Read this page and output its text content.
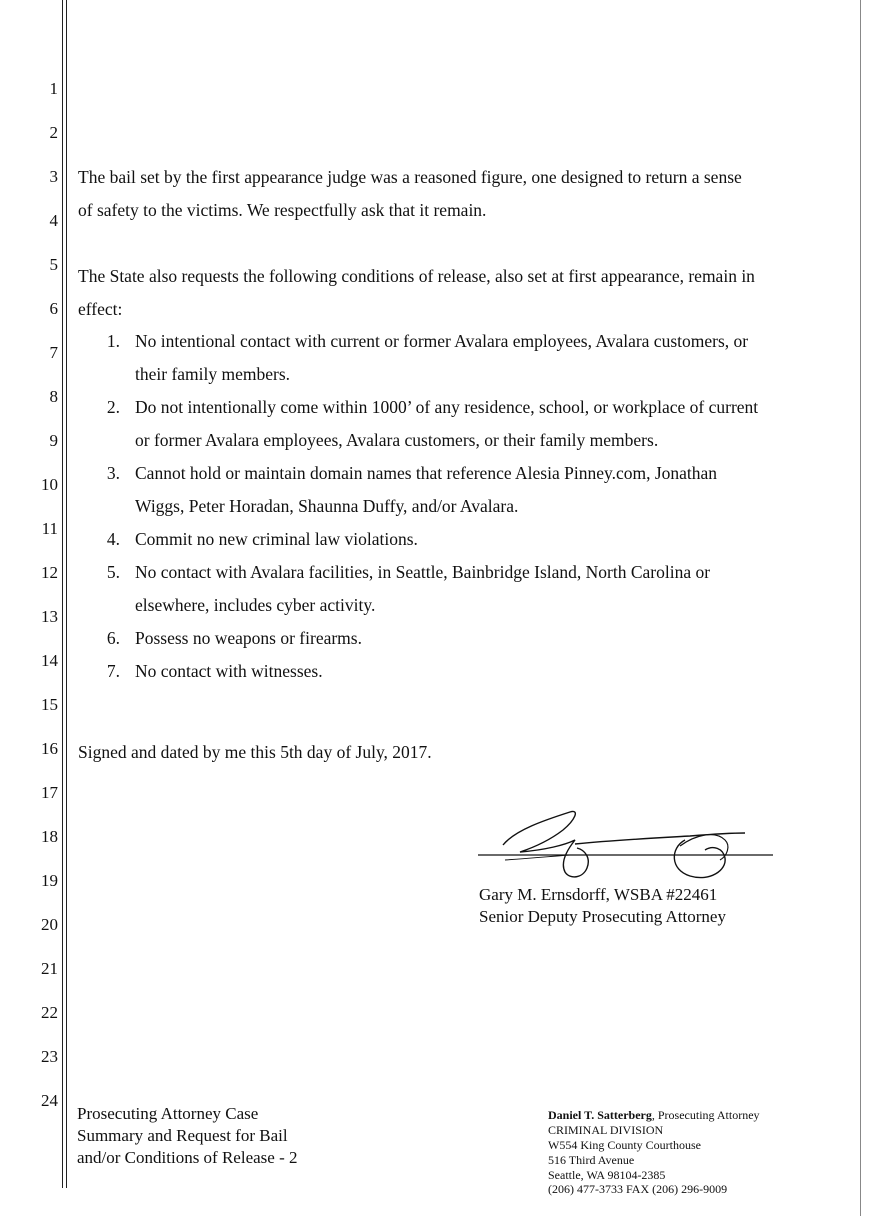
1
2
3
4
5
6
7
8
9
10
11
12
13
14
15
16
17
18
19
20
21
22
23
24
The bail set by the first appearance judge was a reasoned figure, one designed to return a sense
of safety to the victims. We respectfully ask that it remain.
The State also requests the following conditions of release, also set at first appearance, remain in
effect:
1. No intentional contact with current or former Avalara employees, Avalara customers, or
their family members.
2. Do not intentionally come within 1000’ of any residence, school, or workplace of current
or former Avalara employees, Avalara customers, or their family members.
3. Cannot hold or maintain domain names that reference Alesia Pinney.com, Jonathan
Wiggs, Peter Horadan, Shaunna Duffy, and/or Avalara.
4. Commit no new criminal law violations.
5. No contact with Avalara facilities, in Seattle, Bainbridge Island, North Carolina or
elsewhere, includes cyber activity.
6. Possess no weapons or firearms.
7. No contact with witnesses.
Signed and dated by me this 5th day of July, 2017.
Gary M. Ernsdorff, WSBA #22461
Senior Deputy Prosecuting Attorney
Prosecuting Attorney Case
Summary and Request for Bail
and/or Conditions of Release - 2
Daniel T. Satterberg, Prosecuting Attorney
CRIMINAL DIVISION
W554 King County Courthouse
516 Third Avenue
Seattle, WA 98104-2385
(206) 477-3733 FAX (206) 296-9009
